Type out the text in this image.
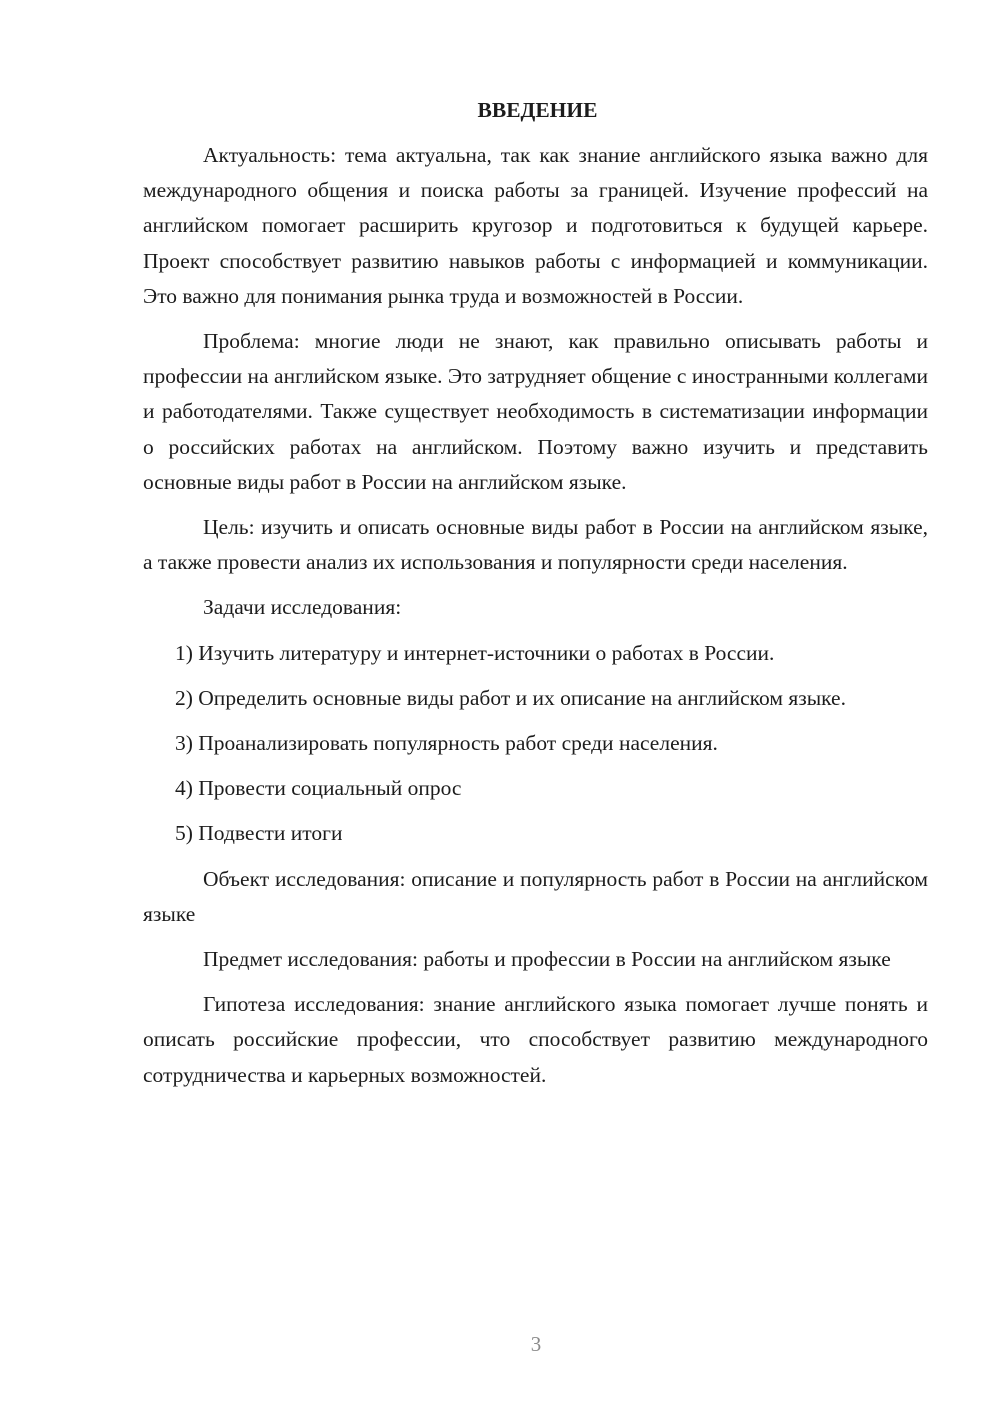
ВВЕДЕНИЕ

Актуальность: тема актуальна, так как знание английского языка важно для международного общения и поиска работы за границей. Изучение профессий на английском помогает расширить кругозор и подготовиться к будущей карьере. Проект способствует развитию навыков работы с информацией и коммуникации. Это важно для понимания рынка труда и возможностей в России.

Проблема: многие люди не знают, как правильно описывать работы и профессии на английском языке. Это затрудняет общение с иностранными коллегами и работодателями. Также существует необходимость в систематизации информации о российских работах на английском. Поэтому важно изучить и представить основные виды работ в России на английском языке.

Цель: изучить и описать основные виды работ в России на английском языке, а также провести анализ их использования и популярности среди населения.

Задачи исследования:

1) Изучить литературу и интернет-источники о работах в России.

2) Определить основные виды работ и их описание на английском языке.

3) Проанализировать популярность работ среди населения.

4) Провести социальный опрос

5) Подвести итоги

Объект исследования: описание и популярность работ в России на английском языке

Предмет исследования: работы и профессии в России на английском языке

Гипотеза исследования: знание английского языка помогает лучше понять и описать российские профессии, что способствует развитию международного сотрудничества и карьерных возможностей.

3
